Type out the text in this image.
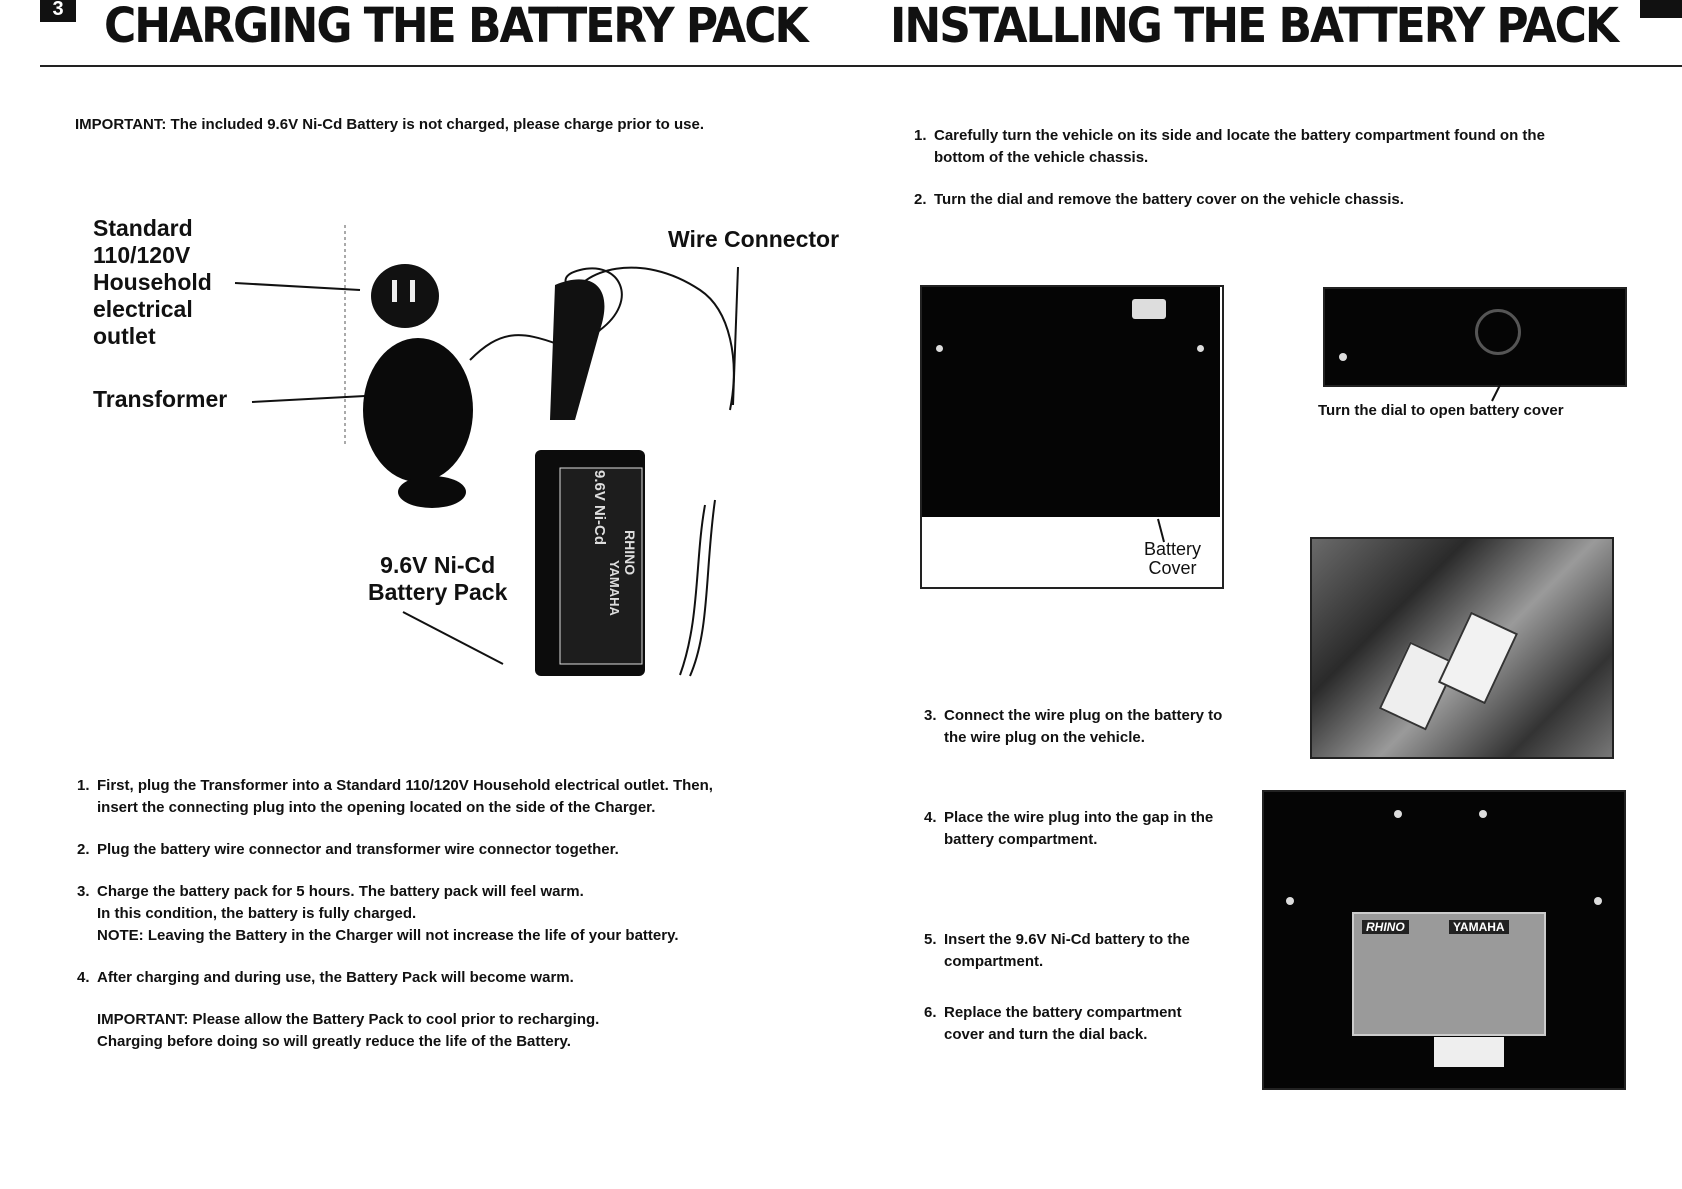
3 CHARGING THE BATTERY PACK
IMPORTANT: The included 9.6V Ni-Cd Battery is not charged, please charge prior to use.
Standard
110/120V
Household
electrical
outlet
Transformer
Wire Connector
9.6V Ni-Cd
Battery Pack
RHINO
9.6V Ni-Cd
YAMAHA
1. First, plug the Transformer into a Standard 110/120V Household electrical outlet. Then,
insert the connecting plug into the opening located on the side of the Charger.
2. Plug the battery wire connector and transformer wire connector together.
3. Charge the battery pack for 5 hours. The battery pack will feel warm.
In this condition, the battery is fully charged.
NOTE: Leaving the Battery in the Charger will not increase the life of your battery.
4. After charging and during use, the Battery Pack will become warm.
IMPORTANT: Please allow the Battery Pack to cool prior to recharging.
Charging before doing so will greatly reduce the life of the Battery.
INSTALLING THE BATTERY PACK
1. Carefully turn the vehicle on its side and locate the battery compartment found on the
bottom of the vehicle chassis.
2. Turn the dial and remove the battery cover on the vehicle chassis.
Battery
Cover
Turn the dial to open battery cover
3. Connect the wire plug on the battery to
the wire plug on the vehicle.
4. Place the wire plug into the gap in the
battery compartment.
5. Insert the 9.6V Ni-Cd battery to the
compartment.
6. Replace the battery compartment
cover and turn the dial back.
RHINO	YAMAHA
